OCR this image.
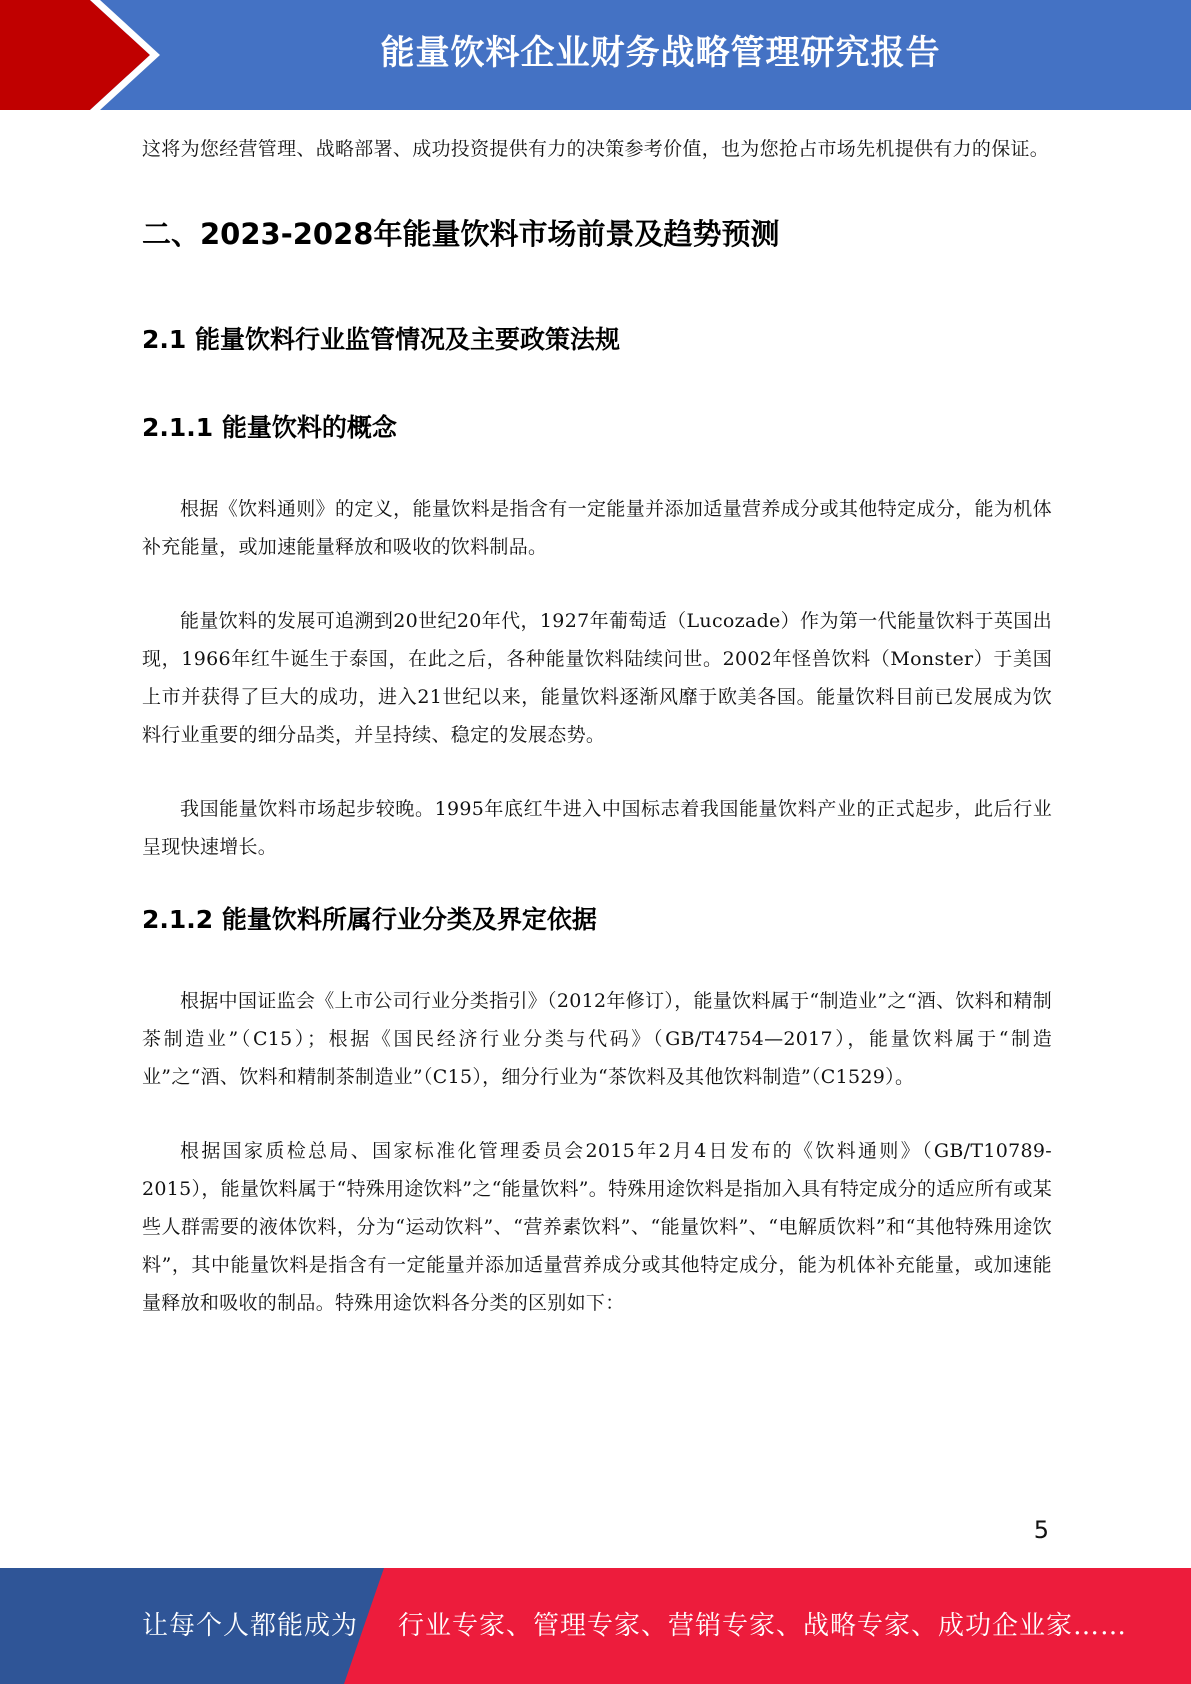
能量饮料企业财务战略管理研究报告

这将为您经营管理、战略部署、成功投资提供有力的决策参考价值，也为您抢占市场先机提供有力的保证。

二、2023-2028年能量饮料市场前景及趋势预测
2.1 能量饮料行业监管情况及主要政策法规
2.1.1 能量饮料的概念

根据《饮料通则》的定义，能量饮料是指含有一定能量并添加适量营养成分或其他特定成分，能为机体补充能量，或加速能量释放和吸收的饮料制品。

能量饮料的发展可追溯到20世纪20年代，1927年葡萄适（Lucozade）作为第一代能量饮料于英国出现，1966年红牛诞生于泰国，在此之后，各种能量饮料陆续问世。2002年怪兽饮料（Monster）于美国上市并获得了巨大的成功，进入21世纪以来，能量饮料逐渐风靡于欧美各国。能量饮料目前已发展成为饮料行业重要的细分品类，并呈持续、稳定的发展态势。

我国能量饮料市场起步较晚。1995年底红牛进入中国标志着我国能量饮料产业的正式起步，此后行业呈现快速增长。

2.1.2 能量饮料所属行业分类及界定依据

根据中国证监会《上市公司行业分类指引》（2012年修订），能量饮料属于“制造业”之“酒、饮料和精制茶制造业”（C15）；根据《国民经济行业分类与代码》（GB/T4754—2017），能量饮料属于“制造业”之“酒、饮料和精制茶制造业”（C15），细分行业为“茶饮料及其他饮料制造”（C1529）。

根据国家质检总局、国家标准化管理委员会2015年2月4日发布的《饮料通则》（GB/T10789-2015），能量饮料属于“特殊用途饮料”之“能量饮料”。特殊用途饮料是指加入具有特定成分的适应所有或某些人群需要的液体饮料，分为“运动饮料”、“营养素饮料”、“能量饮料”、“电解质饮料”和“其他特殊用途饮料”，其中能量饮料是指含有一定能量并添加适量营养成分或其他特定成分，能为机体补充能量，或加速能量释放和吸收的制品。特殊用途饮料各分类的区别如下：

5
让每个人都能成为 行业专家、管理专家、营销专家、战略专家、成功企业家……
